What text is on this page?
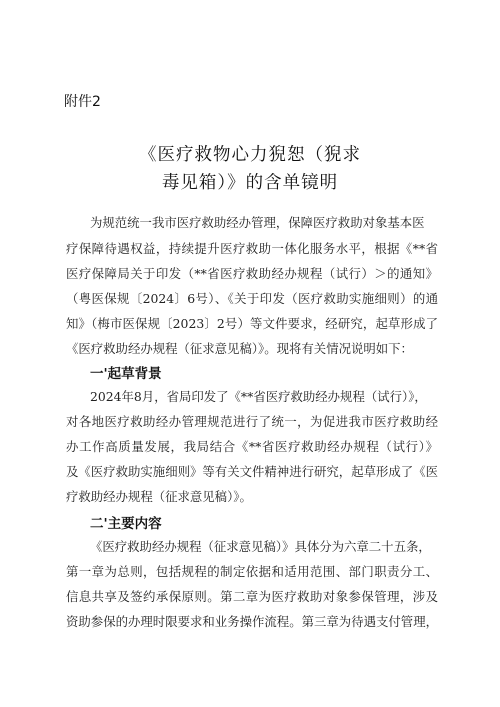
附件2
《医疗救物心力猊恕（猊求
毒见箱）》的含单镜明
为规范统一我市医疗救助经办管理，保障医疗救助对象基本医
疗保障待遇权益，持续提升医疗救助一体化服务水平，根据《**省
医疗保障局关于印发（**省医疗救助经办规程（试行）＞的通知》
（粤医保规〔2024〕6号）、《关于印发（医疗救助实施细则）的通
知》（梅市医保规〔2023〕2号）等文件要求，经研究，起草形成了
《医疗救助经办规程（征求意见稿）》。现将有关情况说明如下：
一'起草背景
2024年8月，省局印发了《**省医疗救助经办规程（试行）》，
对各地医疗救助经办管理规范进行了统一，为促进我市医疗救助经
办工作高质量发展，我局结合《**省医疗救助经办规程（试行）》
及《医疗救助实施细则》等有关文件精神进行研究，起草形成了《医
疗救助经办规程（征求意见稿）》。
二'主要内容
《医疗救助经办规程（征求意见稿）》具体分为六章二十五条，
第一章为总则，包括规程的制定依据和适用范围、部门职责分工、
信息共享及签约承保原则。第二章为医疗救助对象参保管理，涉及
资助参保的办理时限要求和业务操作流程。第三章为待遇支付管理，
